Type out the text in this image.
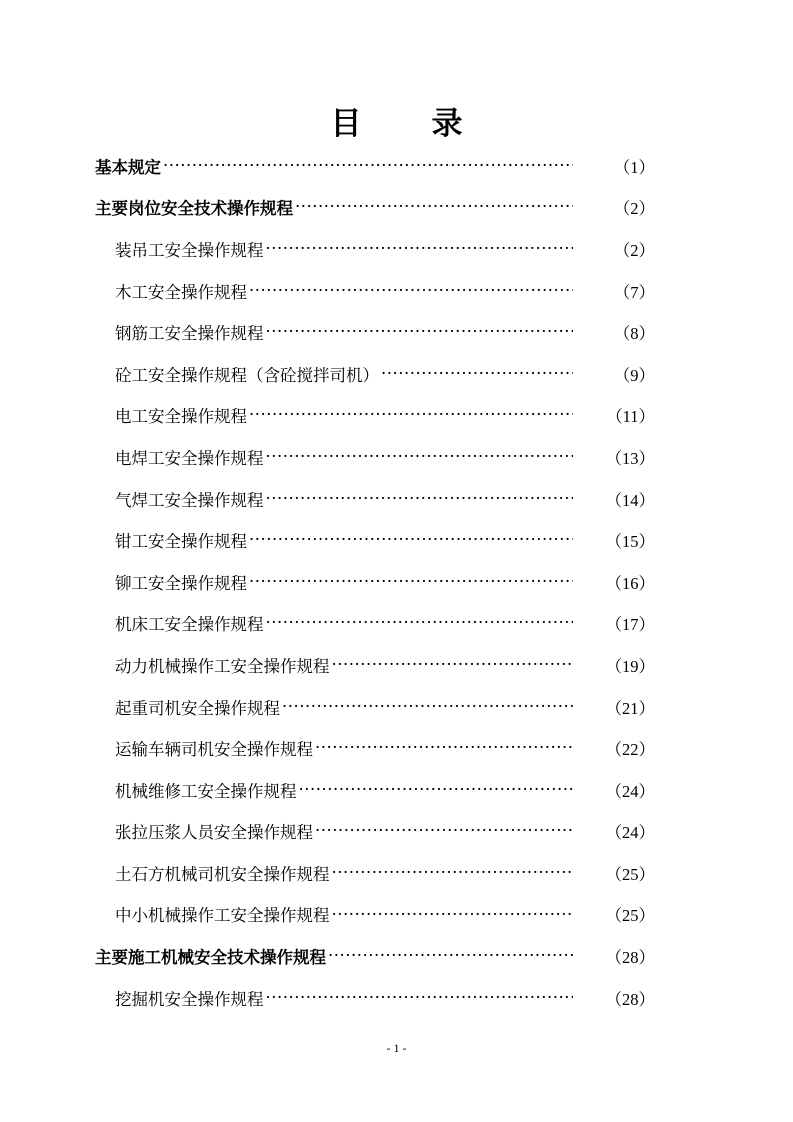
目录
基本规定 ·····	（1）
主要岗位安全技术操作规程 ·····	（2）
装吊工安全操作规程 ·····	（2）
木工安全操作规程 ·····	（7）
钢筋工安全操作规程 ·····	（8）
砼工安全操作规程（含砼搅拌司机） ·····	（9）
电工安全操作规程 ·····	（11）
电焊工安全操作规程 ·····	（13）
气焊工安全操作规程 ·····	（14）
钳工安全操作规程 ·····	（15）
铆工安全操作规程 ·····	（16）
机床工安全操作规程 ·····	（17）
动力机械操作工安全操作规程 ·····	（19）
起重司机安全操作规程 ·····	（21）
运输车辆司机安全操作规程 ·····	（22）
机械维修工安全操作规程 ·····	（24）
张拉压浆人员安全操作规程 ·····	（24）
土石方机械司机安全操作规程 ·····	（25）
中小机械操作工安全操作规程 ·····	（25）
主要施工机械安全技术操作规程 ·····	（28）
挖掘机安全操作规程 ·····	（28）
- 1 -
